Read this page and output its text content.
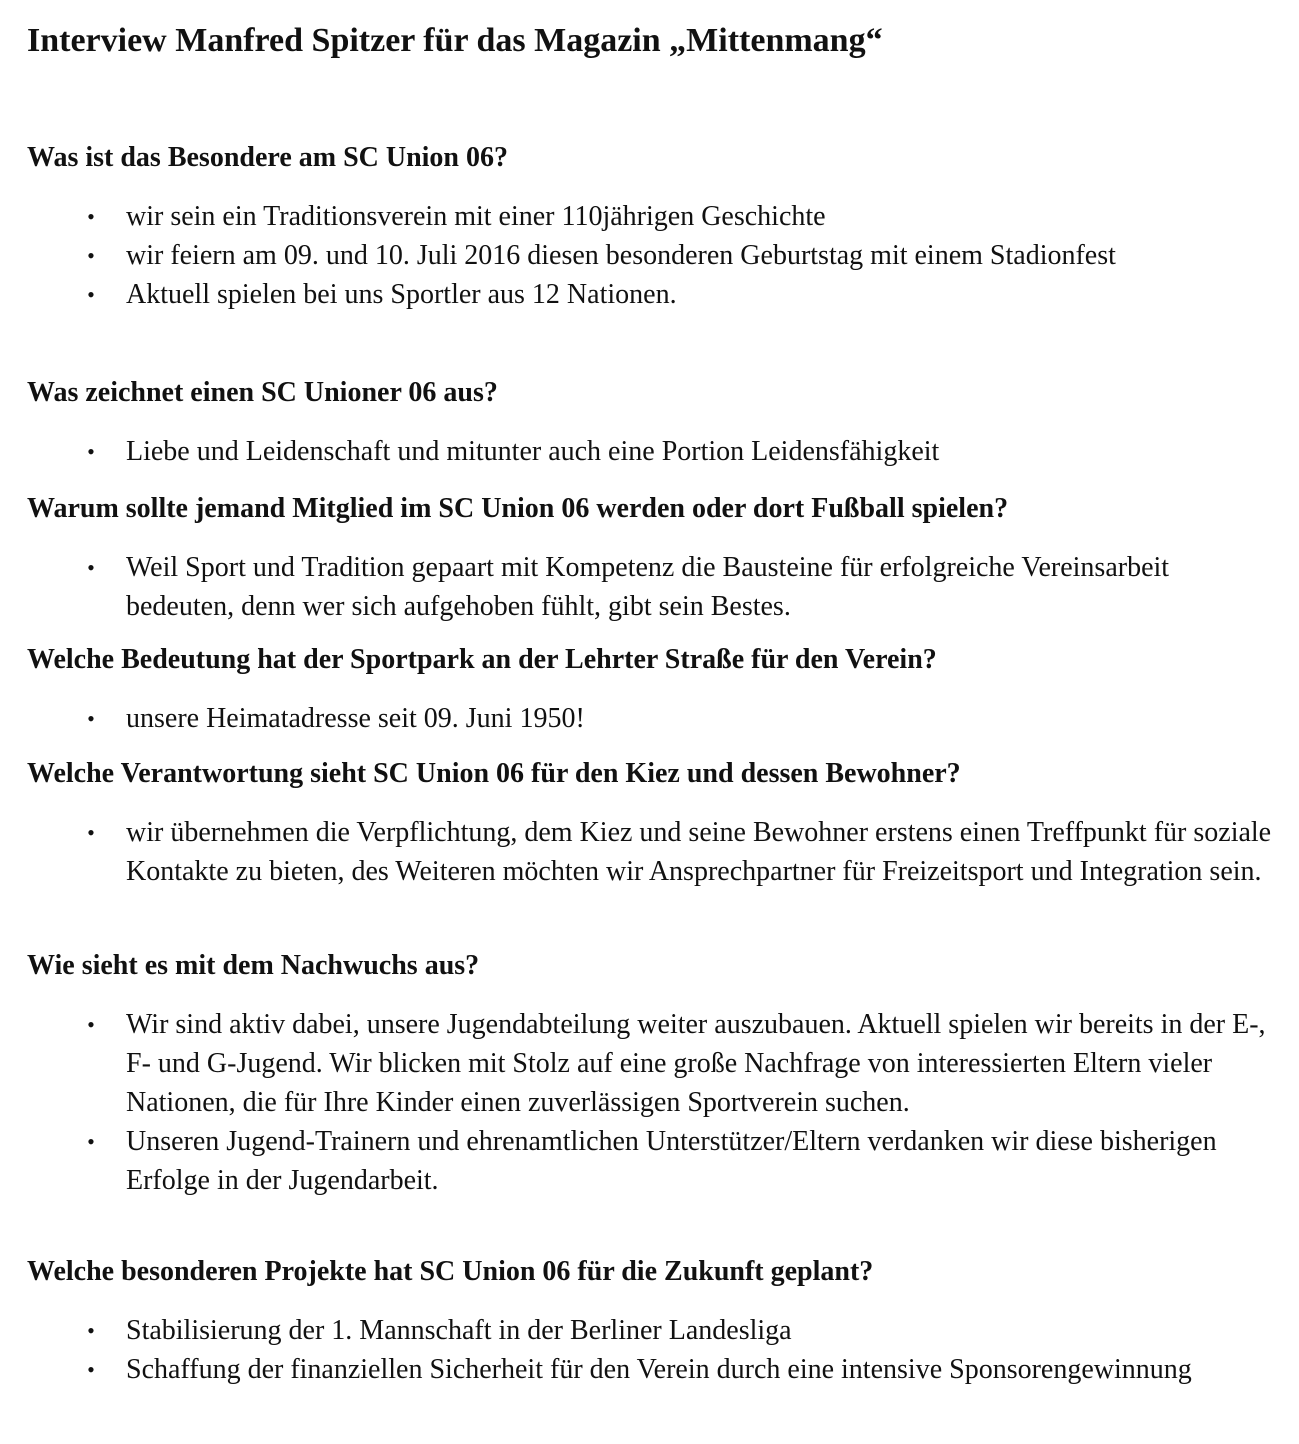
Interview Manfred Spitzer für das Magazin „Mittenmang“
Was ist das Besondere am SC Union 06?
• wir sein ein Traditionsverein mit einer 110jährigen Geschichte
• wir feiern am 09. und 10. Juli 2016 diesen besonderen Geburtstag mit einem Stadionfest
• Aktuell spielen bei uns Sportler aus 12 Nationen.
Was zeichnet einen SC Unioner 06 aus?
• Liebe und Leidenschaft und mitunter auch eine Portion Leidensfähigkeit
Warum sollte jemand Mitglied im SC Union 06 werden oder dort Fußball spielen?
• Weil Sport und Tradition gepaart mit Kompetenz die Bausteine für erfolgreiche Vereinsarbeit bedeuten, denn wer sich aufgehoben fühlt, gibt sein Bestes.
Welche Bedeutung hat der Sportpark an der Lehrter Straße für den Verein?
• unsere Heimatadresse seit 09. Juni 1950!
Welche Verantwortung sieht SC Union 06 für den Kiez und dessen Bewohner?
• wir übernehmen die Verpflichtung, dem Kiez und seine Bewohner erstens einen Treffpunkt für soziale Kontakte zu bieten, des Weiteren möchten wir Ansprechpartner für Freizeitsport und Integration sein.
Wie sieht es mit dem Nachwuchs aus?
• Wir sind aktiv dabei, unsere Jugendabteilung weiter auszubauen. Aktuell spielen wir bereits in der E-, F- und G-Jugend. Wir blicken mit Stolz auf eine große Nachfrage von interessierten Eltern vieler Nationen, die für Ihre Kinder einen zuverlässigen Sportverein suchen.
• Unseren Jugend-Trainern und ehrenamtlichen Unterstützer/Eltern verdanken wir diese bisherigen Erfolge in der Jugendarbeit.
Welche besonderen Projekte hat SC Union 06 für die Zukunft geplant?
• Stabilisierung der 1. Mannschaft in der Berliner Landesliga
• Schaffung der finanziellen Sicherheit für den Verein durch eine intensive Sponsorengewinnung
